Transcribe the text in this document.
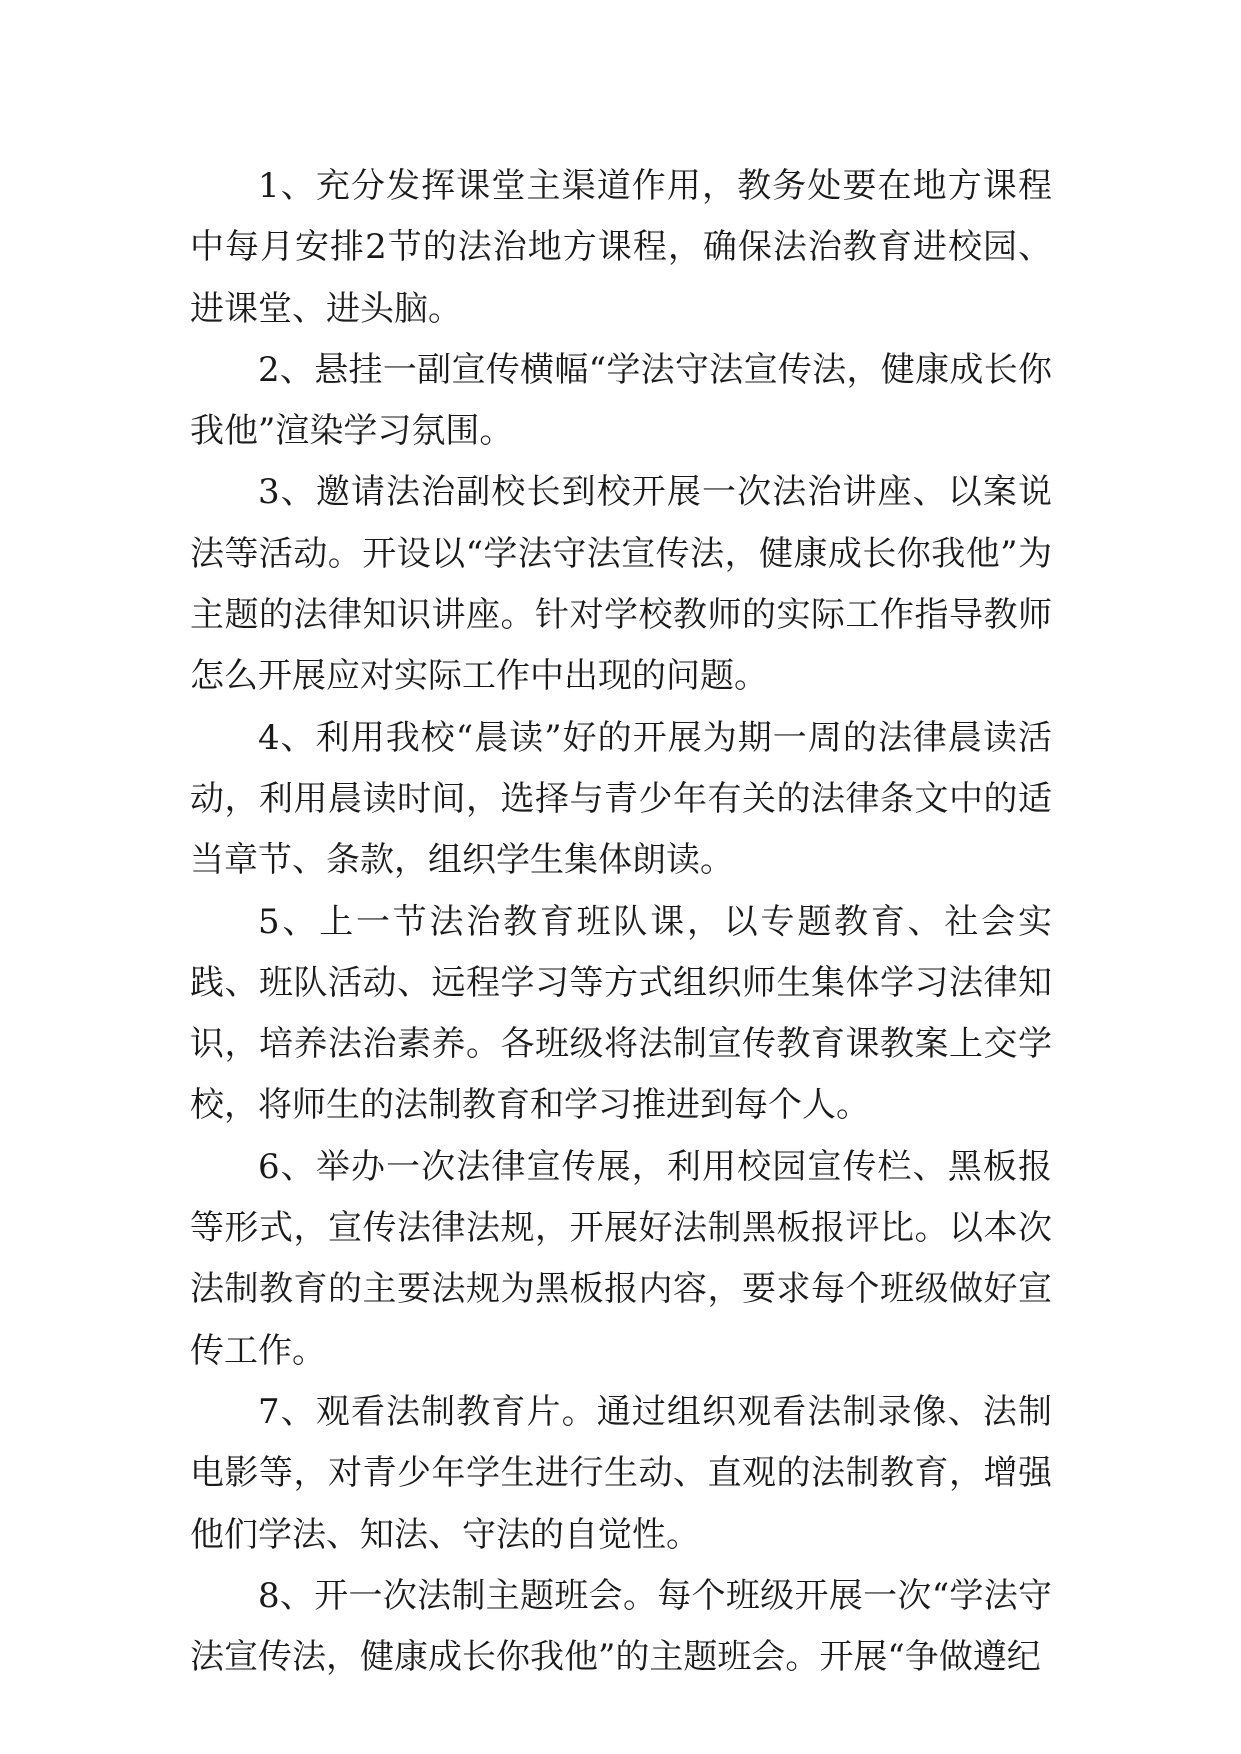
1、充分发挥课堂主渠道作用，教务处要在地方课程中每月安排2节的法治地方课程，确保法治教育进校园、进课堂、进头脑。

2、悬挂一副宣传横幅“学法守法宣传法，健康成长你我他”渲染学习氛围。

3、邀请法治副校长到校开展一次法治讲座、以案说法等活动。开设以“学法守法宣传法，健康成长你我他”为主题的法律知识讲座。针对学校教师的实际工作指导教师怎么开展应对实际工作中出现的问题。

4、利用我校“晨读”好的开展为期一周的法律晨读活动，利用晨读时间，选择与青少年有关的法律条文中的适当章节、条款，组织学生集体朗读。

5、上一节法治教育班队课，以专题教育、社会实践、班队活动、远程学习等方式组织师生集体学习法律知识，培养法治素养。各班级将法制宣传教育课教案上交学校，将师生的法制教育和学习推进到每个人。

6、举办一次法律宣传展，利用校园宣传栏、黑板报等形式，宣传法律法规，开展好法制黑板报评比。以本次法制教育的主要法规为黑板报内容，要求每个班级做好宣传工作。

7、观看法制教育片。通过组织观看法制录像、法制电影等，对青少年学生进行生动、直观的法制教育，增强他们学法、知法、守法的自觉性。

8、开一次法制主题班会。每个班级开展一次“学法守法宣传法，健康成长你我他”的主题班会。开展“争做遵纪
